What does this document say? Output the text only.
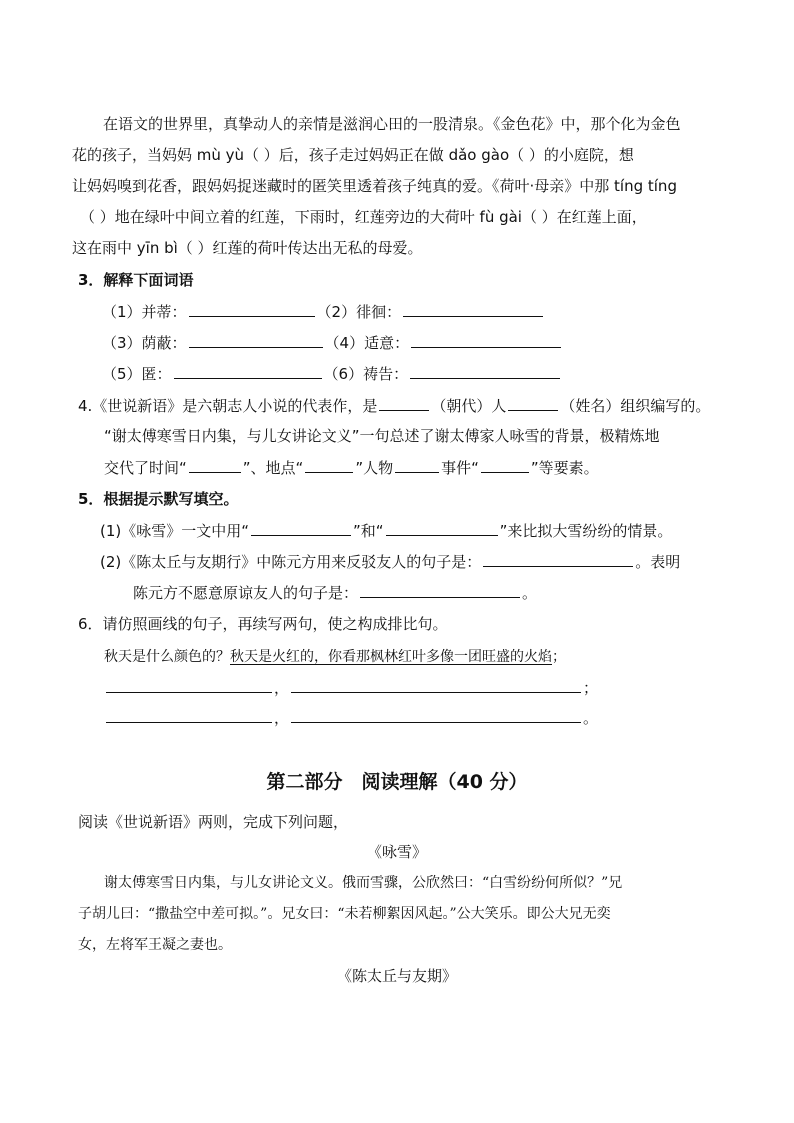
在语文的世界里，真挚动人的亲情是滋润心田的一股清泉。《金色花》中，那个化为金色
花的孩子，当妈妈 mù yù（ ）后，孩子走过妈妈正在做 dǎo gào（ ）的小庭院，想
让妈妈嗅到花香，跟妈妈捉迷藏时的匿笑里透着孩子纯真的爱。《荷叶·母亲》中那 tíng tíng
（ ）地在绿叶中间立着的红莲，下雨时，红莲旁边的大荷叶 fù gài（ ）在红莲上面，
这在雨中 yīn bì（ ）红莲的荷叶传达出无私的母爱。
3．解释下面词语
（1）并蒂：	（2）徘徊：
（3）荫蔽：	（4）适意：
（5）匿：	（6）祷告：
4.《世说新语》是六朝志人小说的代表作，是	（朝代）人	（姓名）组织编写的。
“谢太傅寒雪日内集，与儿女讲论文义”一句总述了谢太傅家人咏雪的背景，极精炼地
交代了时间“	”、地点“	”人物	事件“	”等要素。
5．根据提示默写填空。
(1)《咏雪》一文中用“	”和“	”来比拟大雪纷纷的情景。
(2)《陈太丘与友期行》中陈元方用来反驳友人的句子是：	。表明
陈元方不愿意原谅友人的句子是：	。
6．请仿照画线的句子，再续写两句，使之构成排比句。
秋天是什么颜色的？秋天是火红的，你看那枫林红叶多像一团旺盛的火焰；
，	；
，	。
第二部分　阅读理解（40 分）
阅读《世说新语》两则，完成下列问题，
《咏雪》
谢太傅寒雪日内集，与儿女讲论文义。俄而雪骤，公欣然曰：“白雪纷纷何所似？”兄
子胡儿曰：“撒盐空中差可拟。”。兄女曰：“未若柳絮因风起。”公大笑乐。即公大兄无奕
女，左将军王凝之妻也。
《陈太丘与友期》
